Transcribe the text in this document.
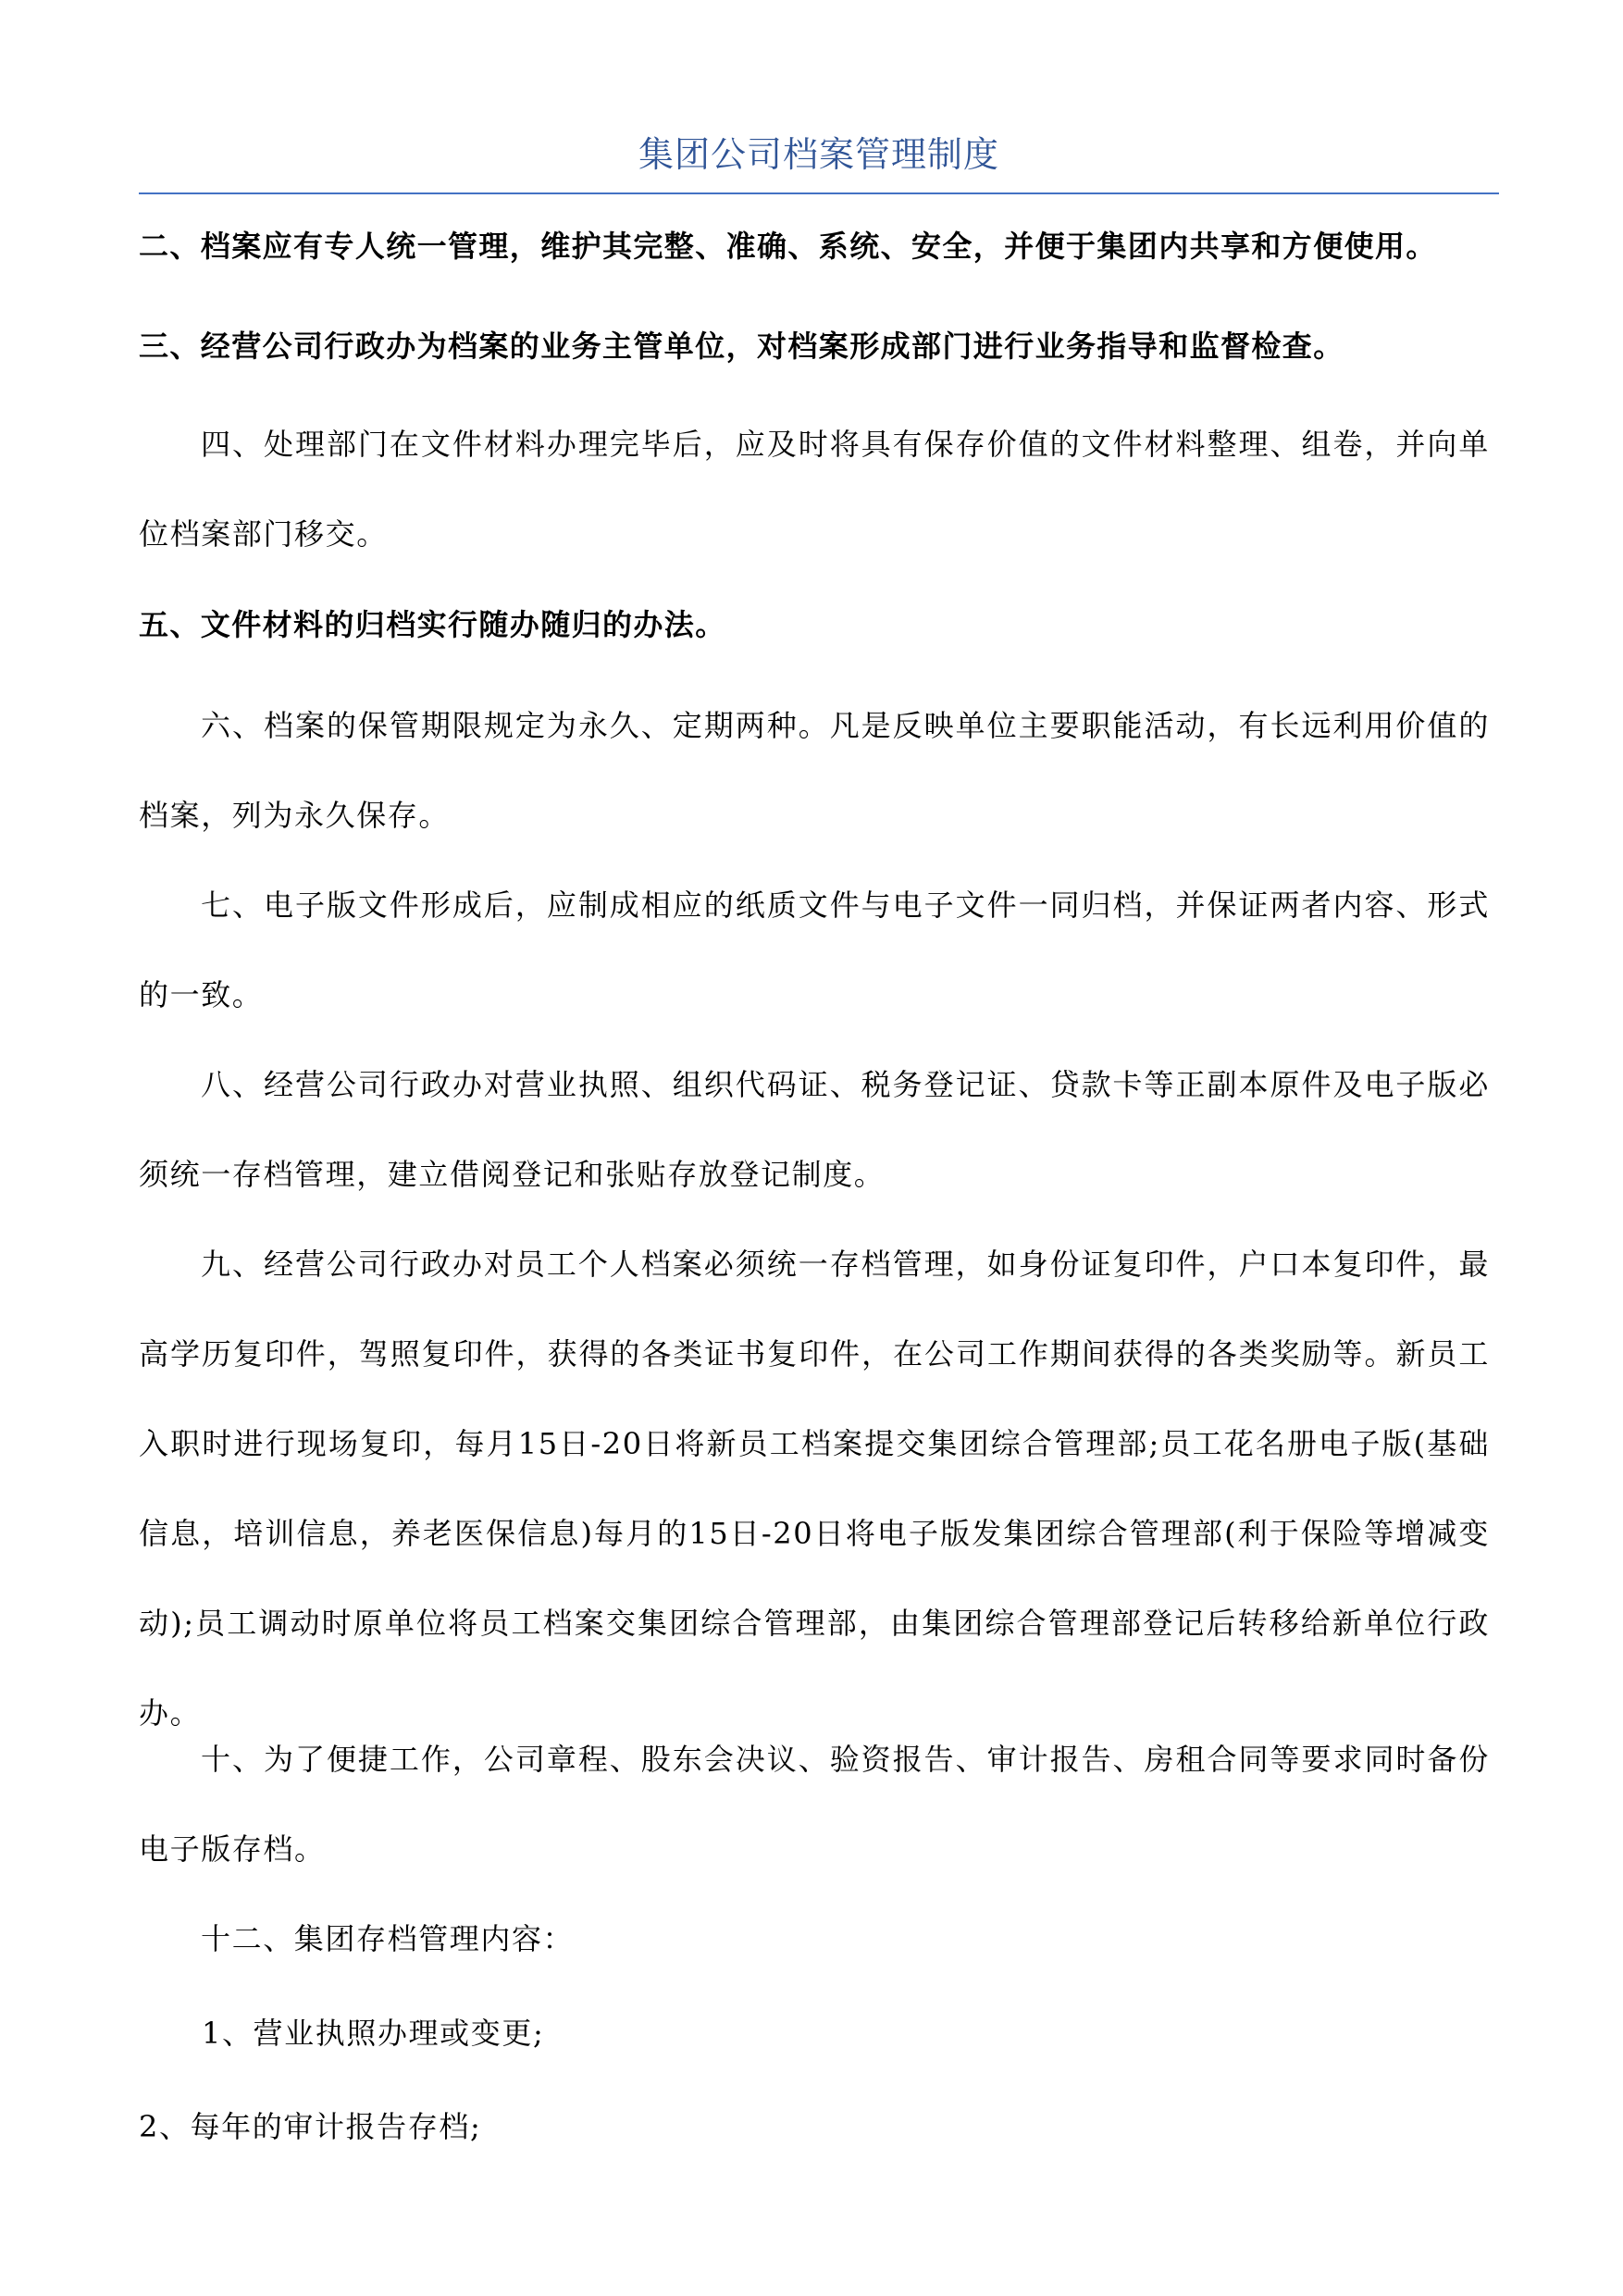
集团公司档案管理制度

二、档案应有专人统一管理，维护其完整、准确、系统、安全，并便于集团内共享和方便使用。

三、经营公司行政办为档案的业务主管单位，对档案形成部门进行业务指导和监督检查。

四、处理部门在文件材料办理完毕后，应及时将具有保存价值的文件材料整理、组卷，并向单位档案部门移交。

五、文件材料的归档实行随办随归的办法。

六、档案的保管期限规定为永久、定期两种。凡是反映单位主要职能活动，有长远利用价值的档案，列为永久保存。

七、电子版文件形成后，应制成相应的纸质文件与电子文件一同归档，并保证两者内容、形式的一致。

八、经营公司行政办对营业执照、组织代码证、税务登记证、贷款卡等正副本原件及电子版必须统一存档管理，建立借阅登记和张贴存放登记制度。

九、经营公司行政办对员工个人档案必须统一存档管理，如身份证复印件，户口本复印件，最高学历复印件，驾照复印件，获得的各类证书复印件，在公司工作期间获得的各类奖励等。新员工入职时进行现场复印，每月15日-20日将新员工档案提交集团综合管理部;员工花名册电子版(基础信息，培训信息，养老医保信息)每月的15日-20日将电子版发集团综合管理部(利于保险等增减变动);员工调动时原单位将员工档案交集团综合管理部，由集团综合管理部登记后转移给新单位行政办。

十、为了便捷工作，公司章程、股东会决议、验资报告、审计报告、房租合同等要求同时备份电子版存档。

十二、集团存档管理内容：

1、营业执照办理或变更;

2、每年的审计报告存档;
